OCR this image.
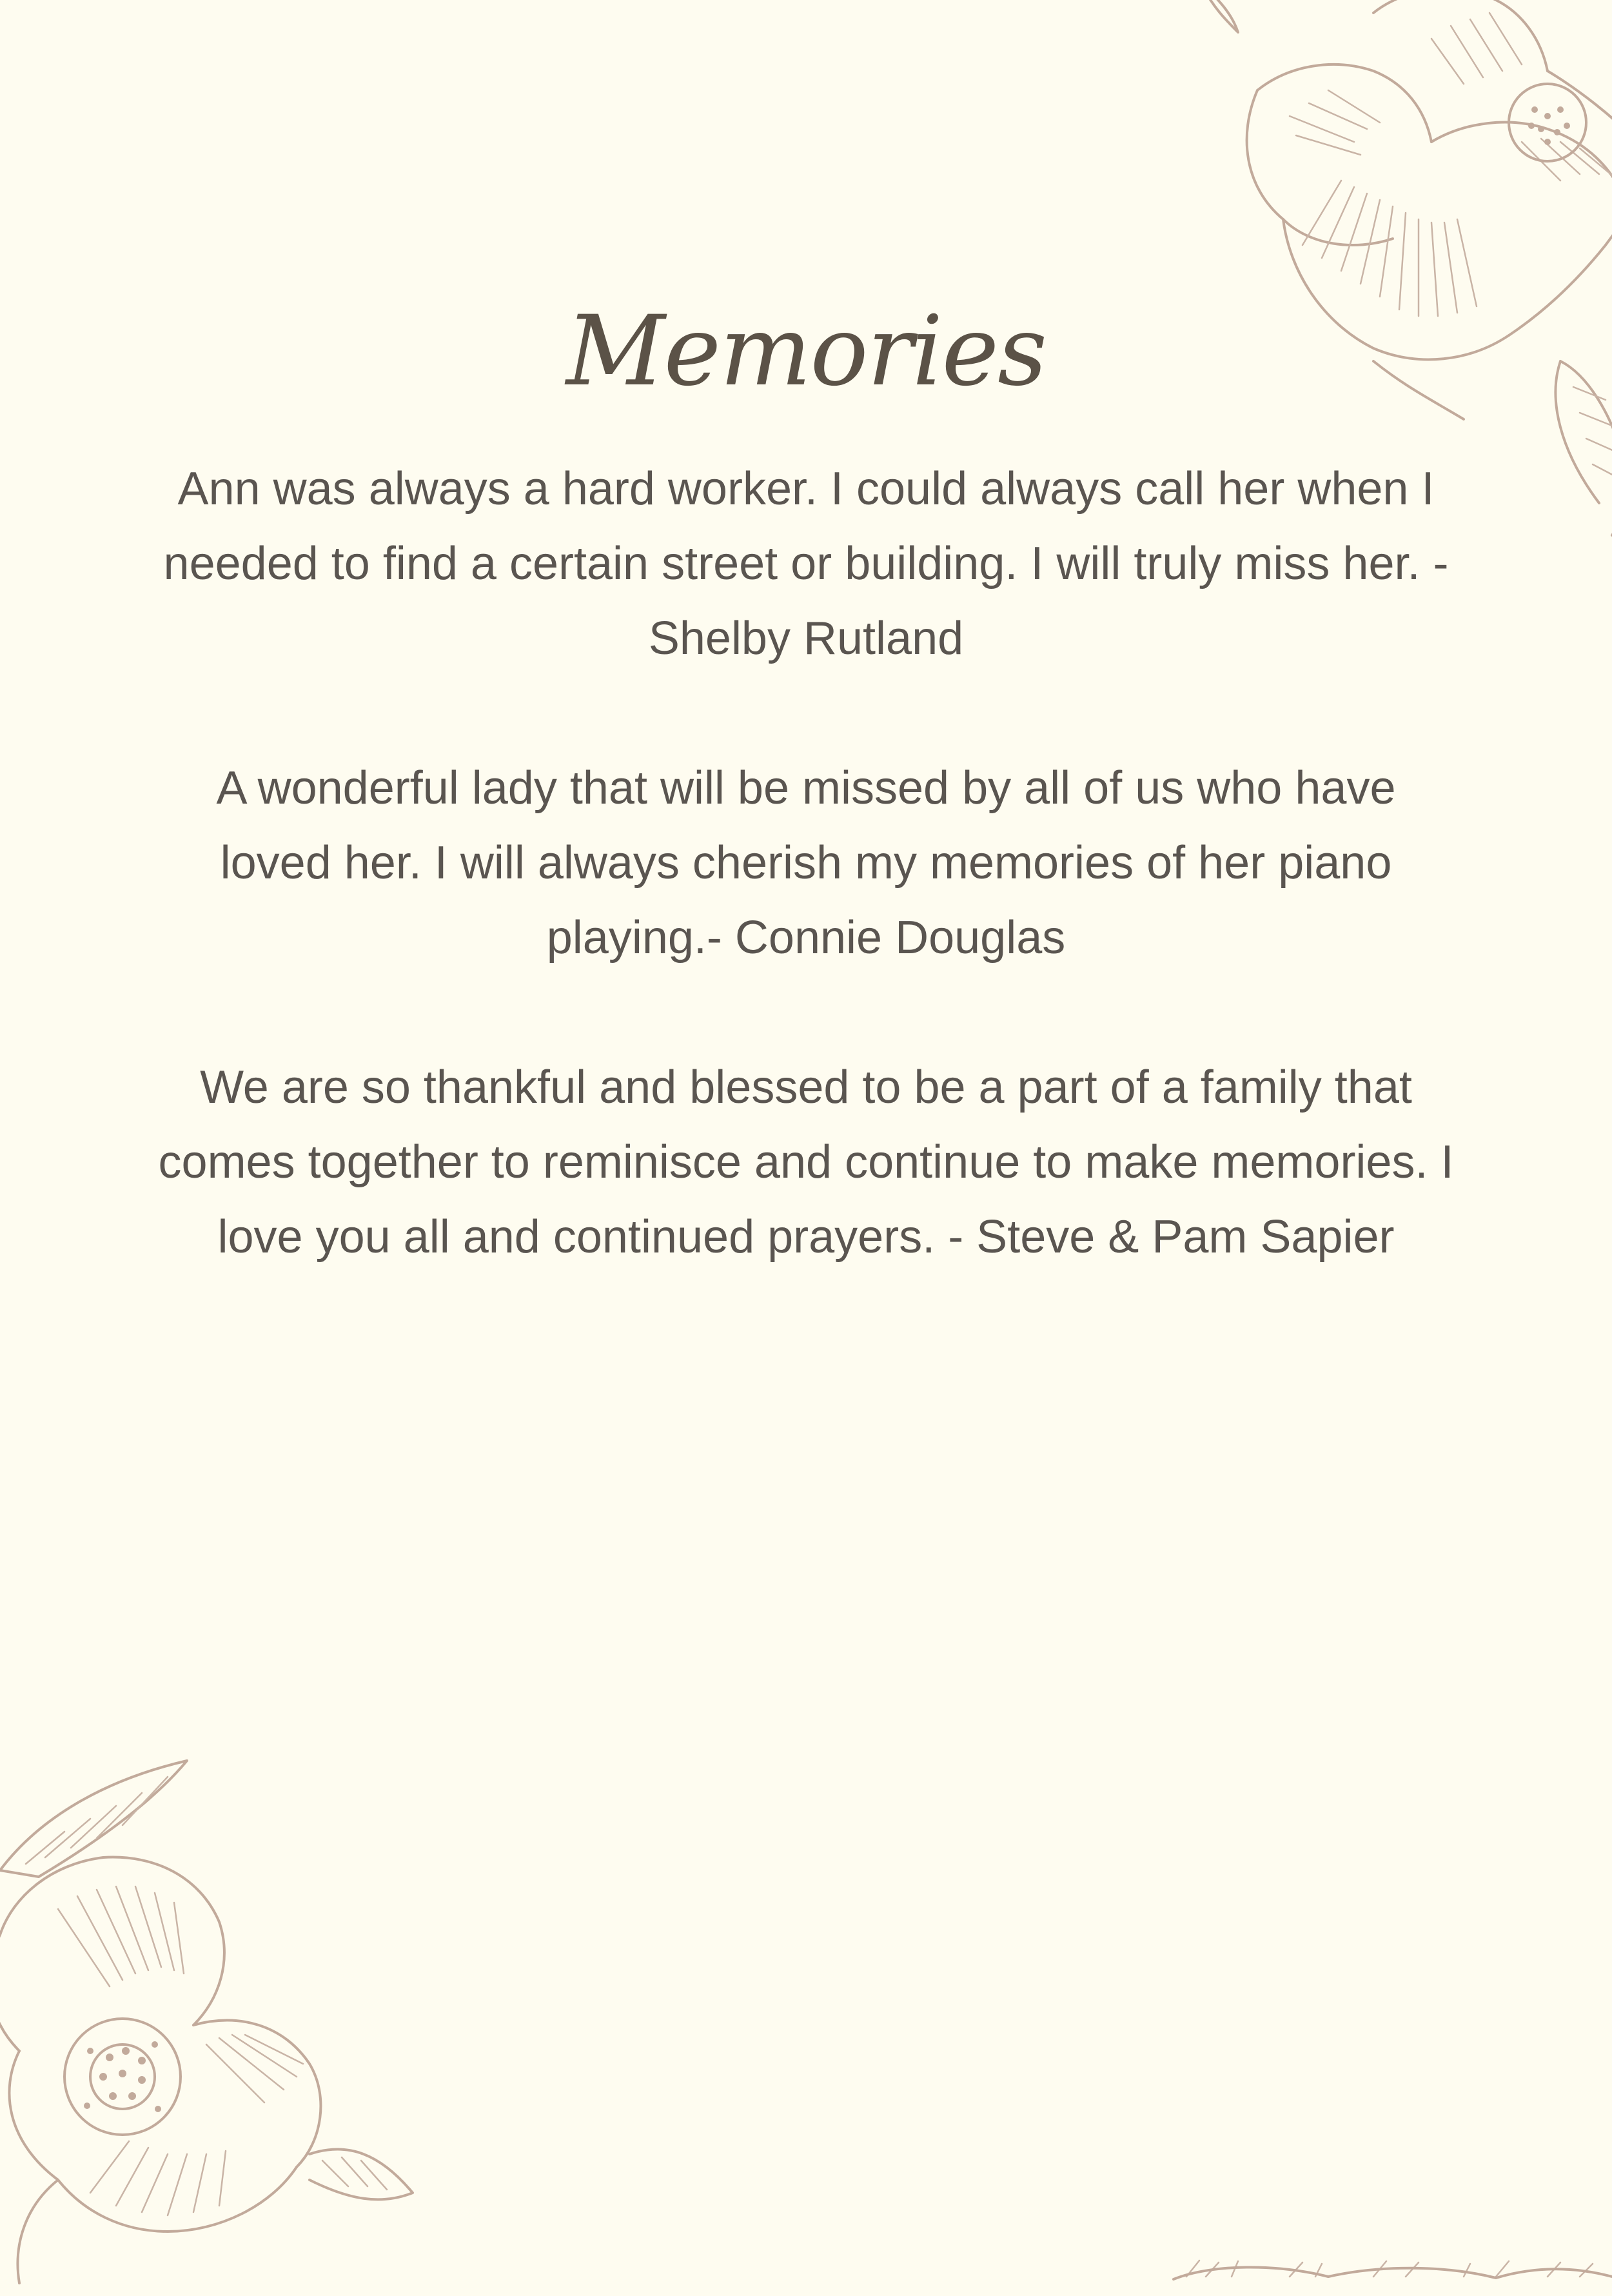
Memories

Ann was always a hard worker. I could always call her when I needed to find a certain street or building. I will truly miss her. - Shelby Rutland

A wonderful lady that will be missed by all of us who have loved her. I will always cherish my memories of her piano playing.- Connie Douglas

We are so thankful and blessed to be a part of a family that comes together to reminisce and continue to make memories. I love you all and continued prayers. - Steve & Pam Sapier
